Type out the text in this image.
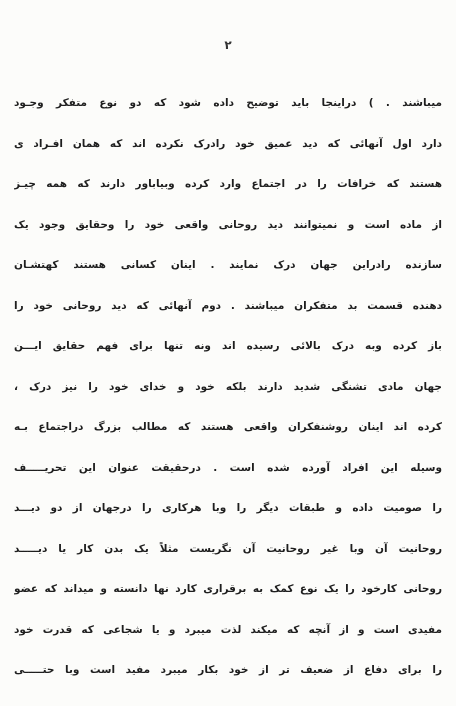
۲
میباشند . ) دراینجا باید توضیح داده شود که دو نوع متفکر وجـود
دارد اول آنهائی که دید عمیق خود رادرک نکرده اند که همان افـراد ی
هستند که خرافات را در اجتماع وارد کرده وبیاباور دارند که همه چیـز
از ماده است و نمیتوانند دید روحانی واقعی خود را وحقایق وجود یک
سازنده رادراین جهان درک نمایند . اینان کسانی هستند کهتشـان
دهنده قسمت بد متفکران میباشند . دوم آنهائی که دید روحانی خود را
باز کرده وبه درک بالائی رسیده اند ونه تنها برای فهم حقایق ایـــن
جهان مادی تشنگی شدید دارند بلکه خود و خدای خود را نیز درک ،
کرده اند اینان روشنفکران واقعی هستند که مطالب بزرگ دراجتماع بـه
وسیله این افراد آورده شده است . درحقیقت عنوان این تحریـــــف
را صومیت داده و طبقات دیگر را وبا هرکاری را درجهان از دو دیـــد
روحانیت آن وبا غیر روحانیت آن نگریست مثلاً یک بدن کار یا دیـــــد
روحانی کارخود را یک نوع کمک به برقراری کارد نها دانسته و میداند که عضو
مفیدی است و از آنچه که میکند لذت میبرد و یا شجاعی که قدرت خود
را برای دفاع از ضعیف تر از خود بکار میبرد مفید است وبا حتـــــی
